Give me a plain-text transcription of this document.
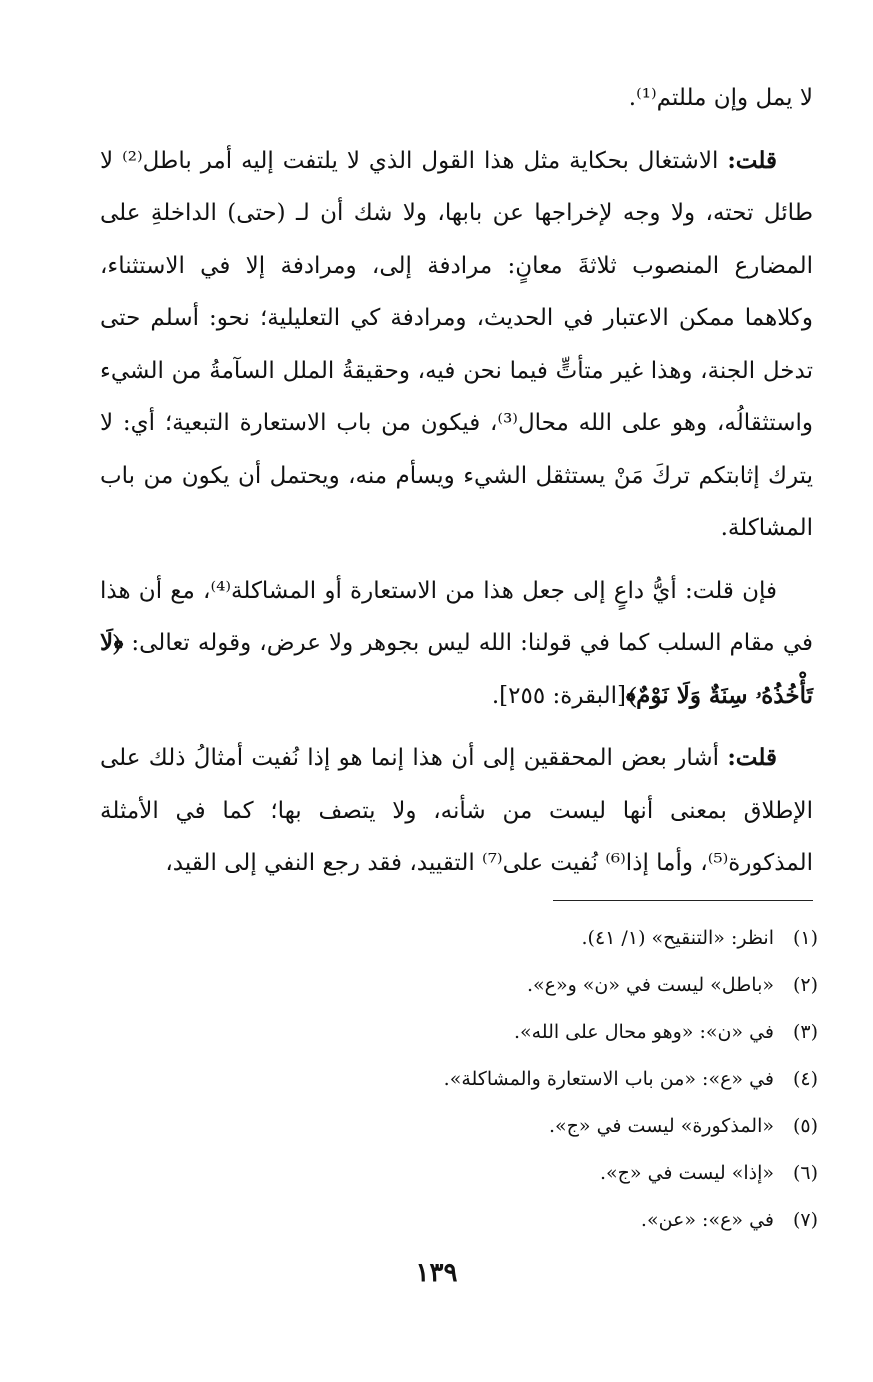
لا يمل وإن مللتم⁽¹⁾.

قلت: الاشتغال بحكاية مثل هذا القول الذي لا يلتفت إليه أمر باطل⁽²⁾ لا طائل تحته، ولا وجه لإخراجها عن بابها، ولا شك أن لـ (حتى) الداخلةِ على المضارع المنصوب ثلاثةَ معانٍ: مرادفة إلى، ومرادفة إلا في الاستثناء، وكلاهما ممكن الاعتبار في الحديث، ومرادفة كي التعليلية؛ نحو: أسلم حتى تدخل الجنة، وهذا غير متأتٍّ فيما نحن فيه، وحقيقةُ الملل السآمةُ من الشيء واستثقالُه، وهو على الله محال⁽³⁾، فيكون من باب الاستعارة التبعية؛ أي: لا يترك إثابتكم تركَ مَنْ يستثقل الشيء ويسأم منه، ويحتمل أن يكون من باب المشاكلة.

فإن قلت: أيُّ داعٍ إلى جعل هذا من الاستعارة أو المشاكلة⁽⁴⁾، مع أن هذا في مقام السلب كما في قولنا: الله ليس بجوهر ولا عرض، وقوله تعالى: ﴿لَا تَأْخُذُهُۥ سِنَةٌ وَلَا نَوْمٌ﴾[البقرة: ٢٥٥].

قلت: أشار بعض المحققين إلى أن هذا إنما هو إذا نُفيت أمثالُ ذلك على الإطلاق بمعنى أنها ليست من شأنه، ولا يتصف بها؛ كما في الأمثلة المذكورة⁽⁵⁾، وأما إذا⁽⁶⁾ نُفيت على⁽⁷⁾ التقييد، فقد رجع النفي إلى القيد،

(١)
انظر: «التنقيح» (١/ ٤١).
(٢)
«باطل» ليست في «ن» و«ع».
(٣)
في «ن»: «وهو محال على الله».
(٤)
في «ع»: «من باب الاستعارة والمشاكلة».
(٥)
«المذكورة» ليست في «ج».
(٦)
«إذا» ليست في «ج».
(٧)
في «ع»: «عن».
١٣٩
